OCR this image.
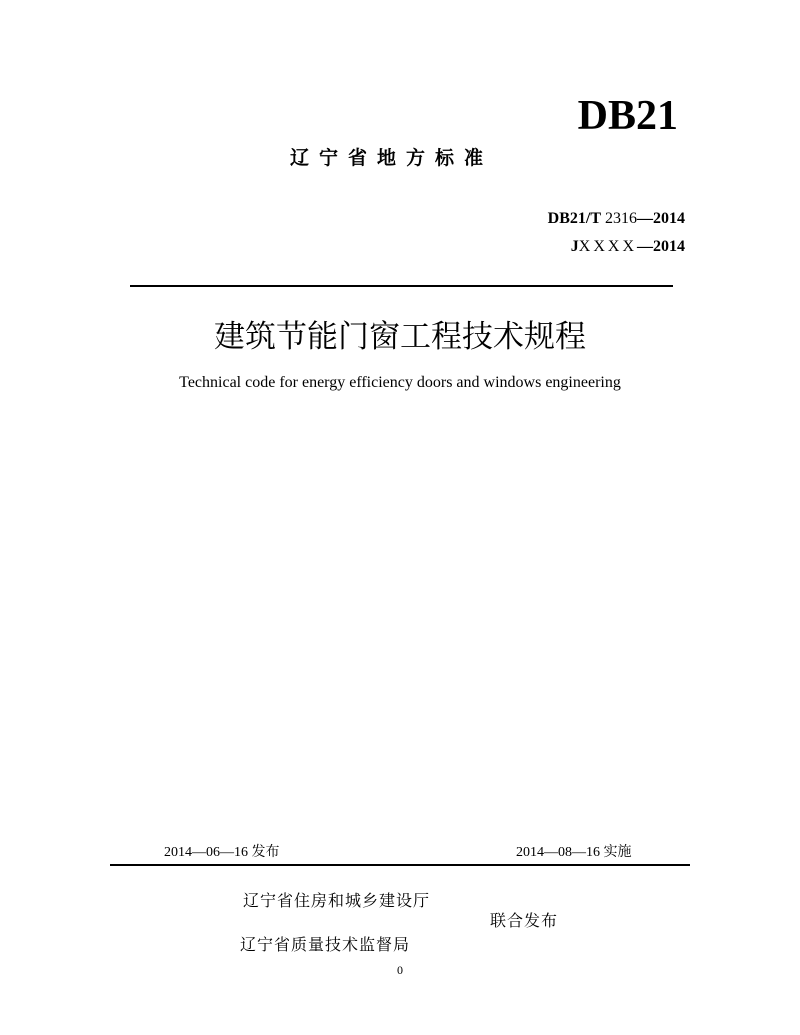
DB21
辽宁省地方标准
DB21/T 2316—2014
JXXXX—2014
建筑节能门窗工程技术规程
Technical code for energy efficiency doors and windows engineering
2014—06—16 发布	2014—08—16 实施
辽宁省住房和城乡建设厅
联合发布
辽宁省质量技术监督局
0
